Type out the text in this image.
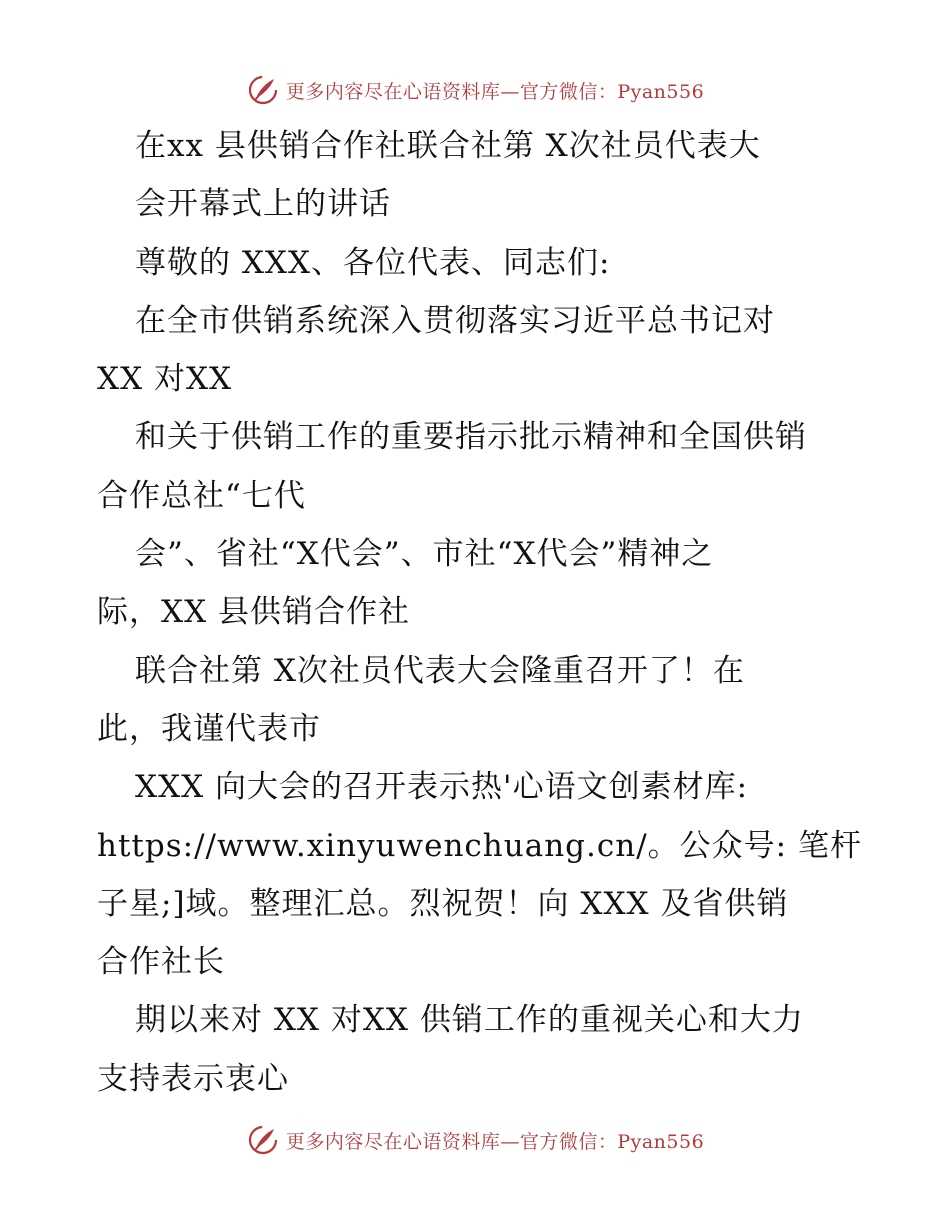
更多内容尽在心语资料库—官方微信：Pyan556
在xx 县供销合作社联合社第 X次社员代表大
会开幕式上的讲话
尊敬的 XXX、各位代表、同志们:
在全市供销系统深入贯彻落实习近平总书记对
XX 对XX
和关于供销工作的重要指示批示精神和全国供销
合作总社“七代
会”、省社“X代会”、市社“X代会”精神之
际，XX 县供销合作社
联合社第 X次社员代表大会隆重召开了！在
此，我谨代表市
XXX 向大会的召开表示热'心语文创素材库:
https://www.xinyuwenchuang.cn/。公众号: 笔杆
子星;]域。整理汇总。烈祝贺！向 XXX 及省供销
合作社长
期以来对 XX 对XX 供销工作的重视关心和大力
支持表示衷心
更多内容尽在心语资料库—官方微信：Pyan556
